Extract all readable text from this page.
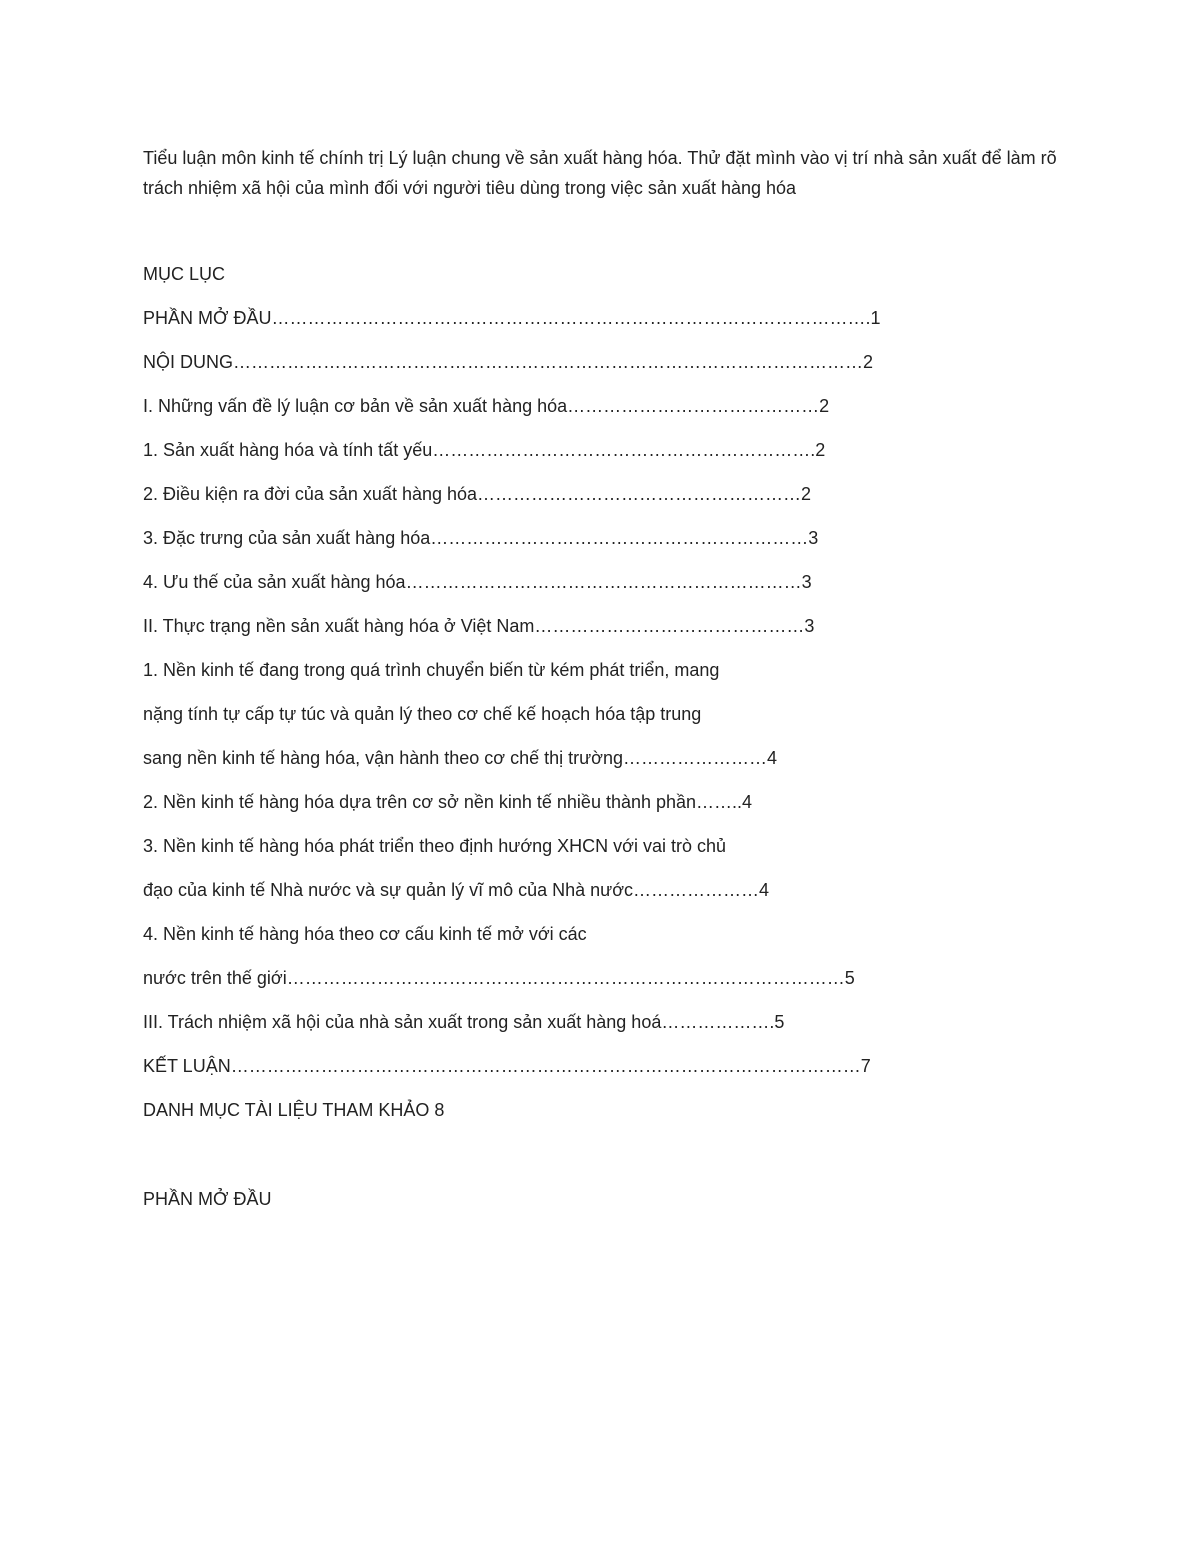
Tiểu luận môn kinh tế chính trị Lý luận chung về sản xuất hàng hóa. Thử đặt mình vào vị trí nhà sản xuất để làm rõ trách nhiệm xã hội của mình đối với người tiêu dùng trong việc sản xuất hàng hóa

MỤC LỤC

PHẦN MỞ ĐẦU……………………………………………………………………………………….1

NỘI DUNG……………………………………………………………………………………………2

I. Những vấn đề lý luận cơ bản về sản xuất hàng hóa……………………………………2

1. Sản xuất hàng hóa và tính tất yếu……………………………………………………….2

2. Điều kiện ra đời của sản xuất hàng hóa………………………………………………2

3. Đặc trưng của sản xuất hàng hóa………………………………………………………3

4. Ưu thế của sản xuất hàng hóa…………………………………………………………3

II. Thực trạng nền sản xuất hàng hóa ở Việt Nam………………………………………3

1. Nền kinh tế đang trong quá trình chuyển biến từ kém phát triển, mang

nặng tính tự cấp tự túc và quản lý theo cơ chế kế hoạch hóa tập trung

sang nền kinh tế hàng hóa, vận hành theo cơ chế thị trường……………………4

2. Nền kinh tế hàng hóa dựa trên cơ sở nền kinh tế nhiều thành phần……..4

3. Nền kinh tế hàng hóa phát triển theo định hướng XHCN với vai trò chủ

đạo của kinh tế Nhà nước và sự quản lý vĩ mô của Nhà nước…………………4

4. Nền kinh tế hàng hóa theo cơ cấu kinh tế mở với các

nước trên thế giới…………………………………………………………………………………5

III. Trách nhiệm xã hội của nhà sản xuất trong sản xuất hàng hoá……………….5

KẾT LUẬN……………………………………………………………………………………………7

DANH MỤC TÀI LIỆU THAM KHẢO 8

PHẦN MỞ ĐẦU
